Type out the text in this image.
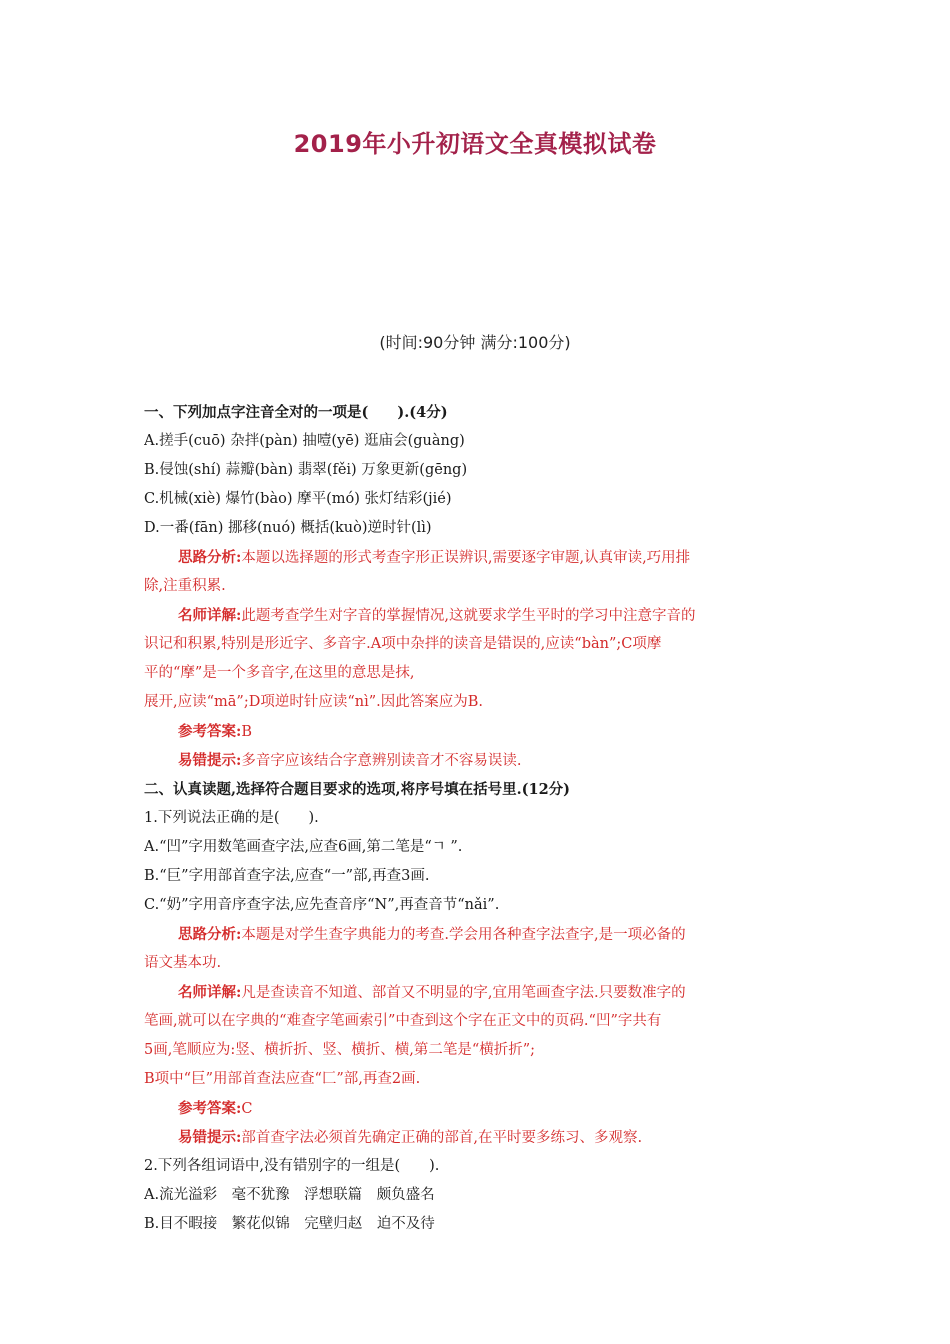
2019年小升初语文全真模拟试卷
(时间:90分钟 满分:100分)
一、下列加点字注音全对的一项是(　　).(4分)
A.搓手(cuō) 杂拌(pàn) 抽噎(yē) 逛庙会(guàng)
B.侵蚀(shí) 蒜瓣(bàn) 翡翠(fěi) 万象更新(gēng)
C.机械(xiè) 爆竹(bào) 摩平(mó) 张灯结彩(jié)
D.一番(fān) 挪移(nuó) 概括(kuò)逆时针(lì)
思路分析:本题以选择题的形式考查字形正误辨识,需要逐字审题,认真审读,巧用排
除,注重积累.
名师详解:此题考查学生对字音的掌握情况,这就要求学生平时的学习中注意字音的
识记和积累,特别是形近字、多音字.A项中杂拌的读音是错误的,应读“bàn”;C项摩
平的“摩”是一个多音字,在这里的意思是抹,
展开,应读“mā”;D项逆时针应读“nì”.因此答案应为B.
参考答案:B
易错提示:多音字应该结合字意辨别读音才不容易误读.
二、认真读题,选择符合题目要求的选项,将序号填在括号里.(12分)
1.下列说法正确的是(　　).
A.“凹”字用数笔画查字法,应查6画,第二笔是“ㄱ ”.
B.“巨”字用部首查字法,应查“一”部,再查3画.
C.“奶”字用音序查字法,应先查音序“N”,再查音节“nǎi”.
思路分析:本题是对学生查字典能力的考查.学会用各种查字法查字,是一项必备的
语文基本功.
名师详解:凡是查读音不知道、部首又不明显的字,宜用笔画查字法.只要数准字的
笔画,就可以在字典的“难查字笔画索引”中查到这个字在正文中的页码.“凹”字共有
5画,笔顺应为:竖、横折折、竖、横折、横,第二笔是“横折折”;
B项中“巨”用部首查法应查“匚”部,再查2画.
参考答案:C
易错提示:部首查字法必须首先确定正确的部首,在平时要多练习、多观察.
2.下列各组词语中,没有错别字的一组是(　　).
A.流光溢彩　毫不犹豫　浮想联篇　颇负盛名
B.目不暇接　繁花似锦　完壁归赵　迫不及待
